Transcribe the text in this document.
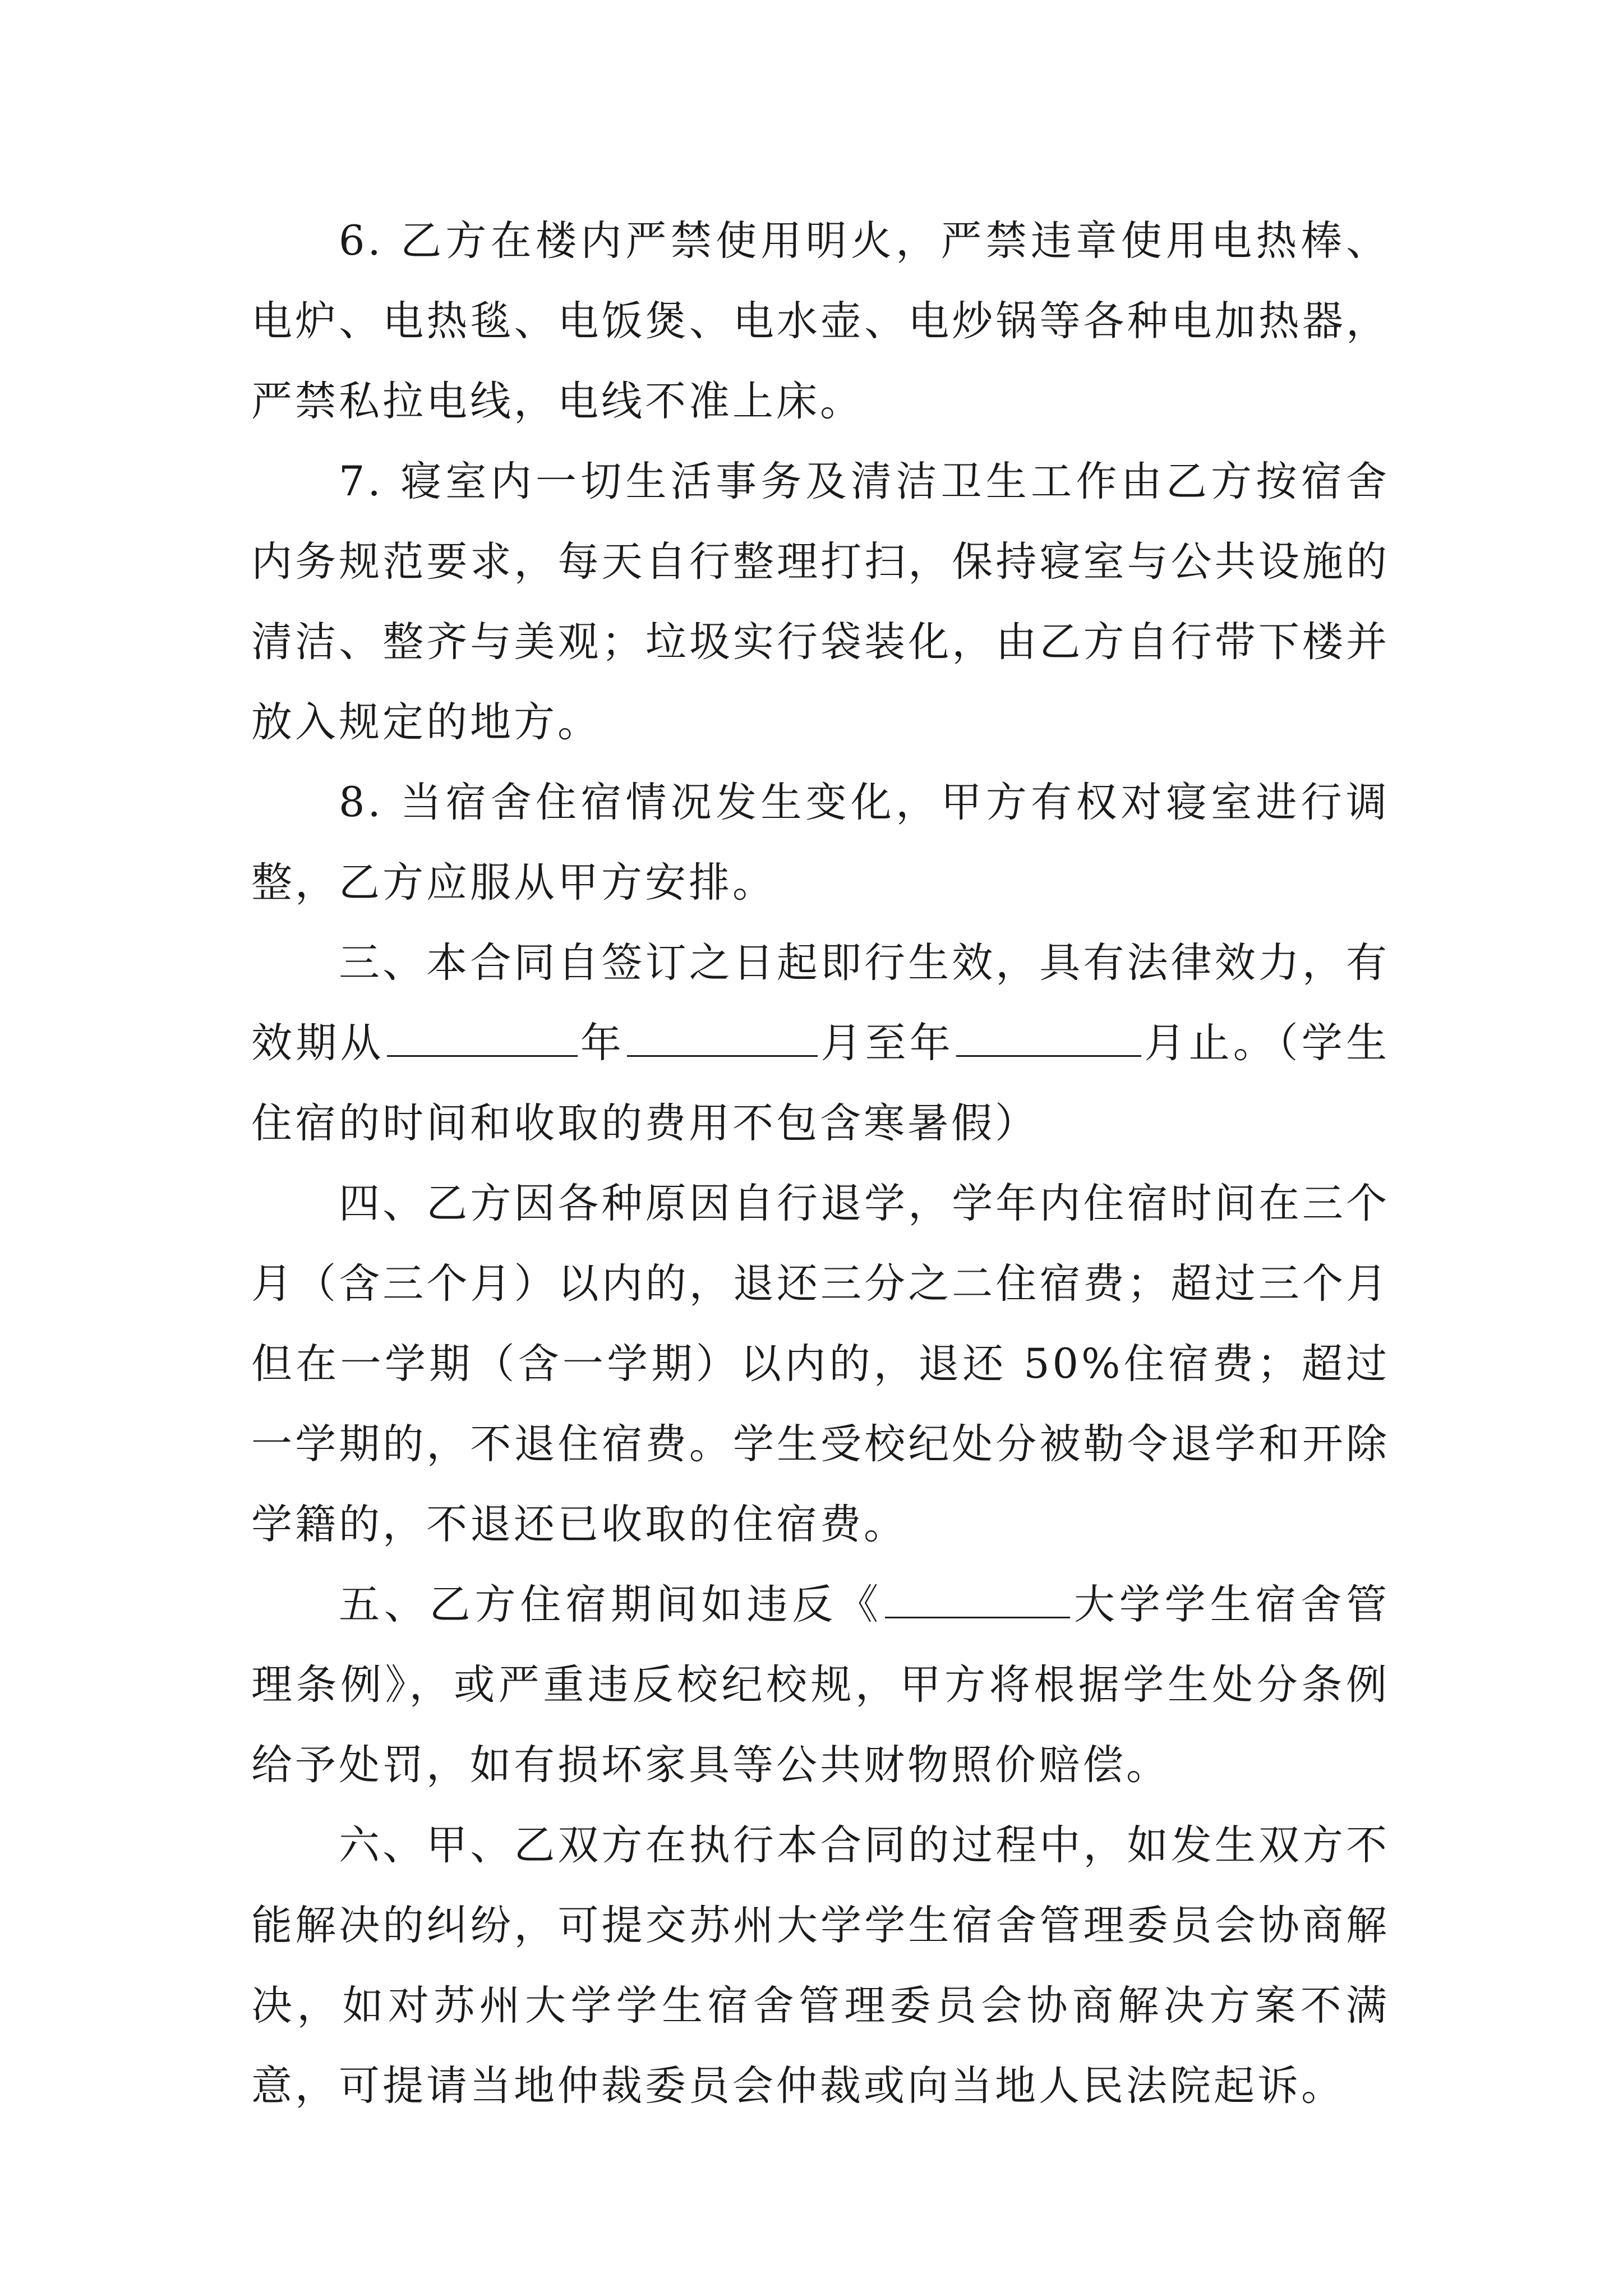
6. 乙方在楼内严禁使用明火，严禁违章使用电热棒、电炉、电热毯、电饭煲、电水壶、电炒锅等各种电加热器，严禁私拉电线，电线不准上床。

7. 寝室内一切生活事务及清洁卫生工作由乙方按宿舍内务规范要求，每天自行整理打扫，保持寝室与公共设施的清洁、整齐与美观；垃圾实行袋装化，由乙方自行带下楼并放入规定的地方。

8. 当宿舍住宿情况发生变化，甲方有权对寝室进行调整，乙方应服从甲方安排。

三、本合同自签订之日起即行生效，具有法律效力，有效期从	年	月至年	月止。（学生住宿的时间和收取的费用不包含寒暑假）

四、乙方因各种原因自行退学，学年内住宿时间在三个月（含三个月）以内的，退还三分之二住宿费；超过三个月但在一学期（含一学期）以内的，退还 50%住宿费；超过一学期的，不退住宿费。学生受校纪处分被勒令退学和开除学籍的，不退还已收取的住宿费。

五、乙方住宿期间如违反《	大学学生宿舍管理条例》，或严重违反校纪校规，甲方将根据学生处分条例给予处罚，如有损坏家具等公共财物照价赔偿。

六、甲、乙双方在执行本合同的过程中，如发生双方不能解决的纠纷，可提交苏州大学学生宿舍管理委员会协商解决，如对苏州大学学生宿舍管理委员会协商解决方案不满意，可提请当地仲裁委员会仲裁或向当地人民法院起诉。
